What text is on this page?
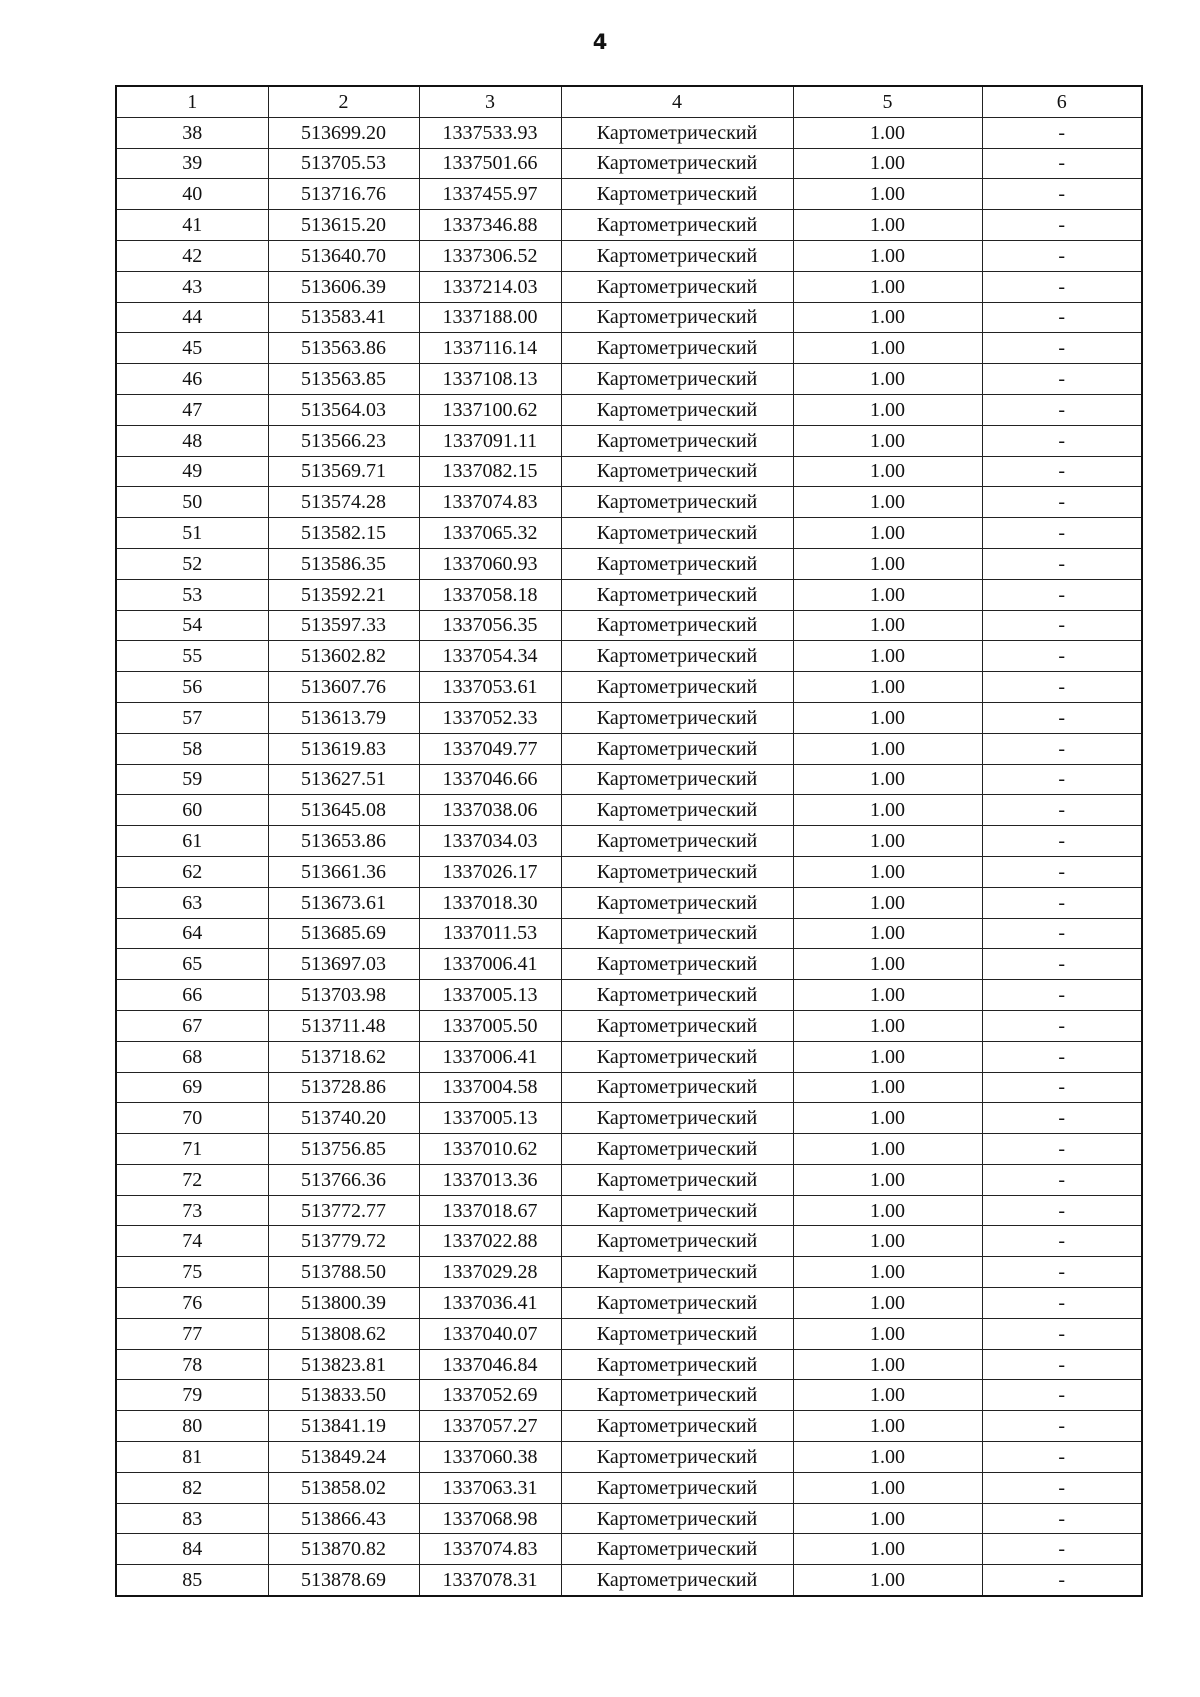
4
1	2	3	4	5	6
38	513699.20	1337533.93	Картометрический	1.00	-
39	513705.53	1337501.66	Картометрический	1.00	-
40	513716.76	1337455.97	Картометрический	1.00	-
41	513615.20	1337346.88	Картометрический	1.00	-
42	513640.70	1337306.52	Картометрический	1.00	-
43	513606.39	1337214.03	Картометрический	1.00	-
44	513583.41	1337188.00	Картометрический	1.00	-
45	513563.86	1337116.14	Картометрический	1.00	-
46	513563.85	1337108.13	Картометрический	1.00	-
47	513564.03	1337100.62	Картометрический	1.00	-
48	513566.23	1337091.11	Картометрический	1.00	-
49	513569.71	1337082.15	Картометрический	1.00	-
50	513574.28	1337074.83	Картометрический	1.00	-
51	513582.15	1337065.32	Картометрический	1.00	-
52	513586.35	1337060.93	Картометрический	1.00	-
53	513592.21	1337058.18	Картометрический	1.00	-
54	513597.33	1337056.35	Картометрический	1.00	-
55	513602.82	1337054.34	Картометрический	1.00	-
56	513607.76	1337053.61	Картометрический	1.00	-
57	513613.79	1337052.33	Картометрический	1.00	-
58	513619.83	1337049.77	Картометрический	1.00	-
59	513627.51	1337046.66	Картометрический	1.00	-
60	513645.08	1337038.06	Картометрический	1.00	-
61	513653.86	1337034.03	Картометрический	1.00	-
62	513661.36	1337026.17	Картометрический	1.00	-
63	513673.61	1337018.30	Картометрический	1.00	-
64	513685.69	1337011.53	Картометрический	1.00	-
65	513697.03	1337006.41	Картометрический	1.00	-
66	513703.98	1337005.13	Картометрический	1.00	-
67	513711.48	1337005.50	Картометрический	1.00	-
68	513718.62	1337006.41	Картометрический	1.00	-
69	513728.86	1337004.58	Картометрический	1.00	-
70	513740.20	1337005.13	Картометрический	1.00	-
71	513756.85	1337010.62	Картометрический	1.00	-
72	513766.36	1337013.36	Картометрический	1.00	-
73	513772.77	1337018.67	Картометрический	1.00	-
74	513779.72	1337022.88	Картометрический	1.00	-
75	513788.50	1337029.28	Картометрический	1.00	-
76	513800.39	1337036.41	Картометрический	1.00	-
77	513808.62	1337040.07	Картометрический	1.00	-
78	513823.81	1337046.84	Картометрический	1.00	-
79	513833.50	1337052.69	Картометрический	1.00	-
80	513841.19	1337057.27	Картометрический	1.00	-
81	513849.24	1337060.38	Картометрический	1.00	-
82	513858.02	1337063.31	Картометрический	1.00	-
83	513866.43	1337068.98	Картометрический	1.00	-
84	513870.82	1337074.83	Картометрический	1.00	-
85	513878.69	1337078.31	Картометрический	1.00	-
